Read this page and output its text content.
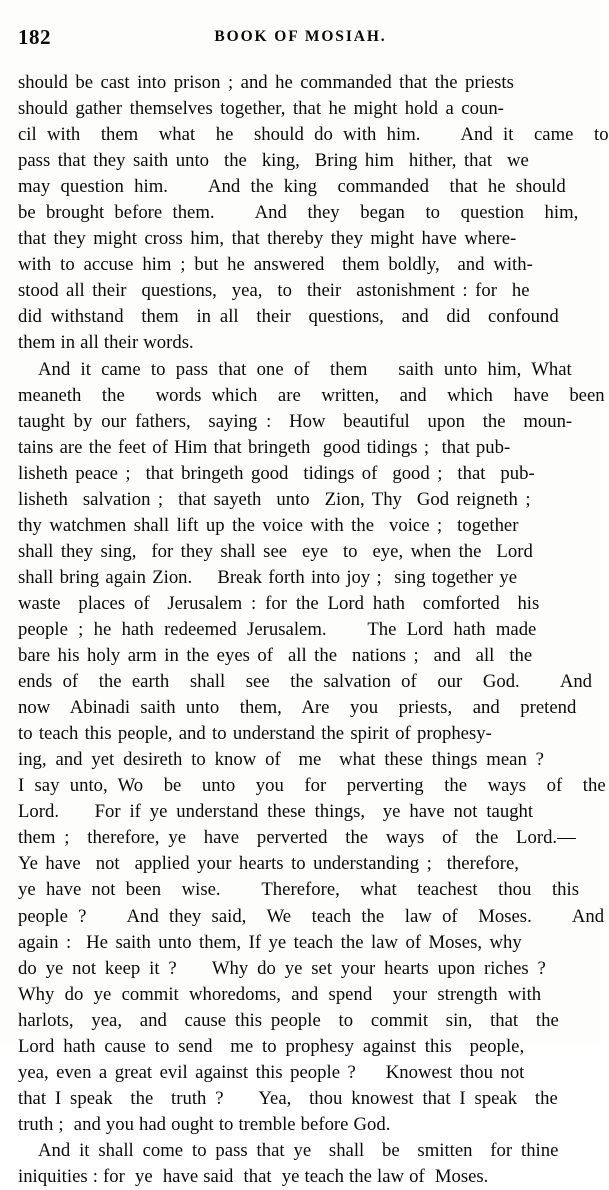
182	BOOK OF MOSIAH.

should be cast into prison ; and he commanded that the priests
should gather themselves together, that he might hold a coun-
cil with  them  what  he  should do with him.    And it  came  to
pass that they saith unto  the  king,  Bring him  hither, that  we
may question him.    And the king  commanded  that he should
be brought before them.    And  they  began  to  question  him,
that they might cross him, that thereby they might have where-
with to accuse him ; but he answered  them boldly,  and with-
stood all their  questions,  yea,  to  their  astonishment : for  he
did withstand  them  in all  their  questions,  and  did  confound
them in all their words.

And it came to pass that one of  them   saith unto him, What
meaneth  the   words which  are  written,  and  which  have  been
taught by our fathers,  saying :  How  beautiful  upon  the  moun-
tains are the feet of Him that bringeth  good tidings ;  that pub-
lisheth peace ;  that bringeth good  tidings of  good ;  that  pub-
lisheth  salvation ;  that sayeth  unto  Zion, Thy  God reigneth ;
thy watchmen shall lift up the voice with the  voice ;  together
shall they sing,  for they shall see  eye  to  eye, when the  Lord
shall bring again Zion.    Break forth into joy ;  sing together ye
waste  places of  Jerusalem : for the Lord hath  comforted  his
people ; he hath redeemed Jerusalem.    The Lord hath made
bare his holy arm in the eyes of  all the  nations ;  and  all  the
ends of  the earth  shall  see  the salvation of  our  God.    And
now  Abinadi saith unto  them,  Are  you  priests,  and  pretend
to teach this people, and to understand the spirit of prophesy-
ing, and yet desireth to know of  me  what these things mean ?
I say unto, Wo  be  unto  you  for  perverting  the  ways  of  the
Lord.    For if ye understand these things,  ye have not taught
them ;  therefore, ye  have  perverted  the  ways  of  the  Lord.—
Ye have  not  applied your hearts to understanding ;  therefore,
ye have not been  wise.    Therefore,  what  teachest  thou  this
people ?    And they said,  We  teach the  law of  Moses.    And
again :  He saith unto them, If ye teach the law of Moses, why
do ye not keep it ?    Why do ye set your hearts upon riches ?
Why do ye commit whoredoms, and spend  your strength with
harlots,  yea,  and  cause this people  to  commit  sin,  that  the
Lord hath cause to send  me to prophesy against this  people,
yea, even a great evil against this people ?    Knowest thou not
that I speak  the  truth ?    Yea,  thou knowest that I speak  the
truth ;  and you had ought to tremble before God.

And it shall come to pass that ye  shall  be  smitten  for thine
iniquities : for  ye  have said  that  ye teach the law of  Moses.
